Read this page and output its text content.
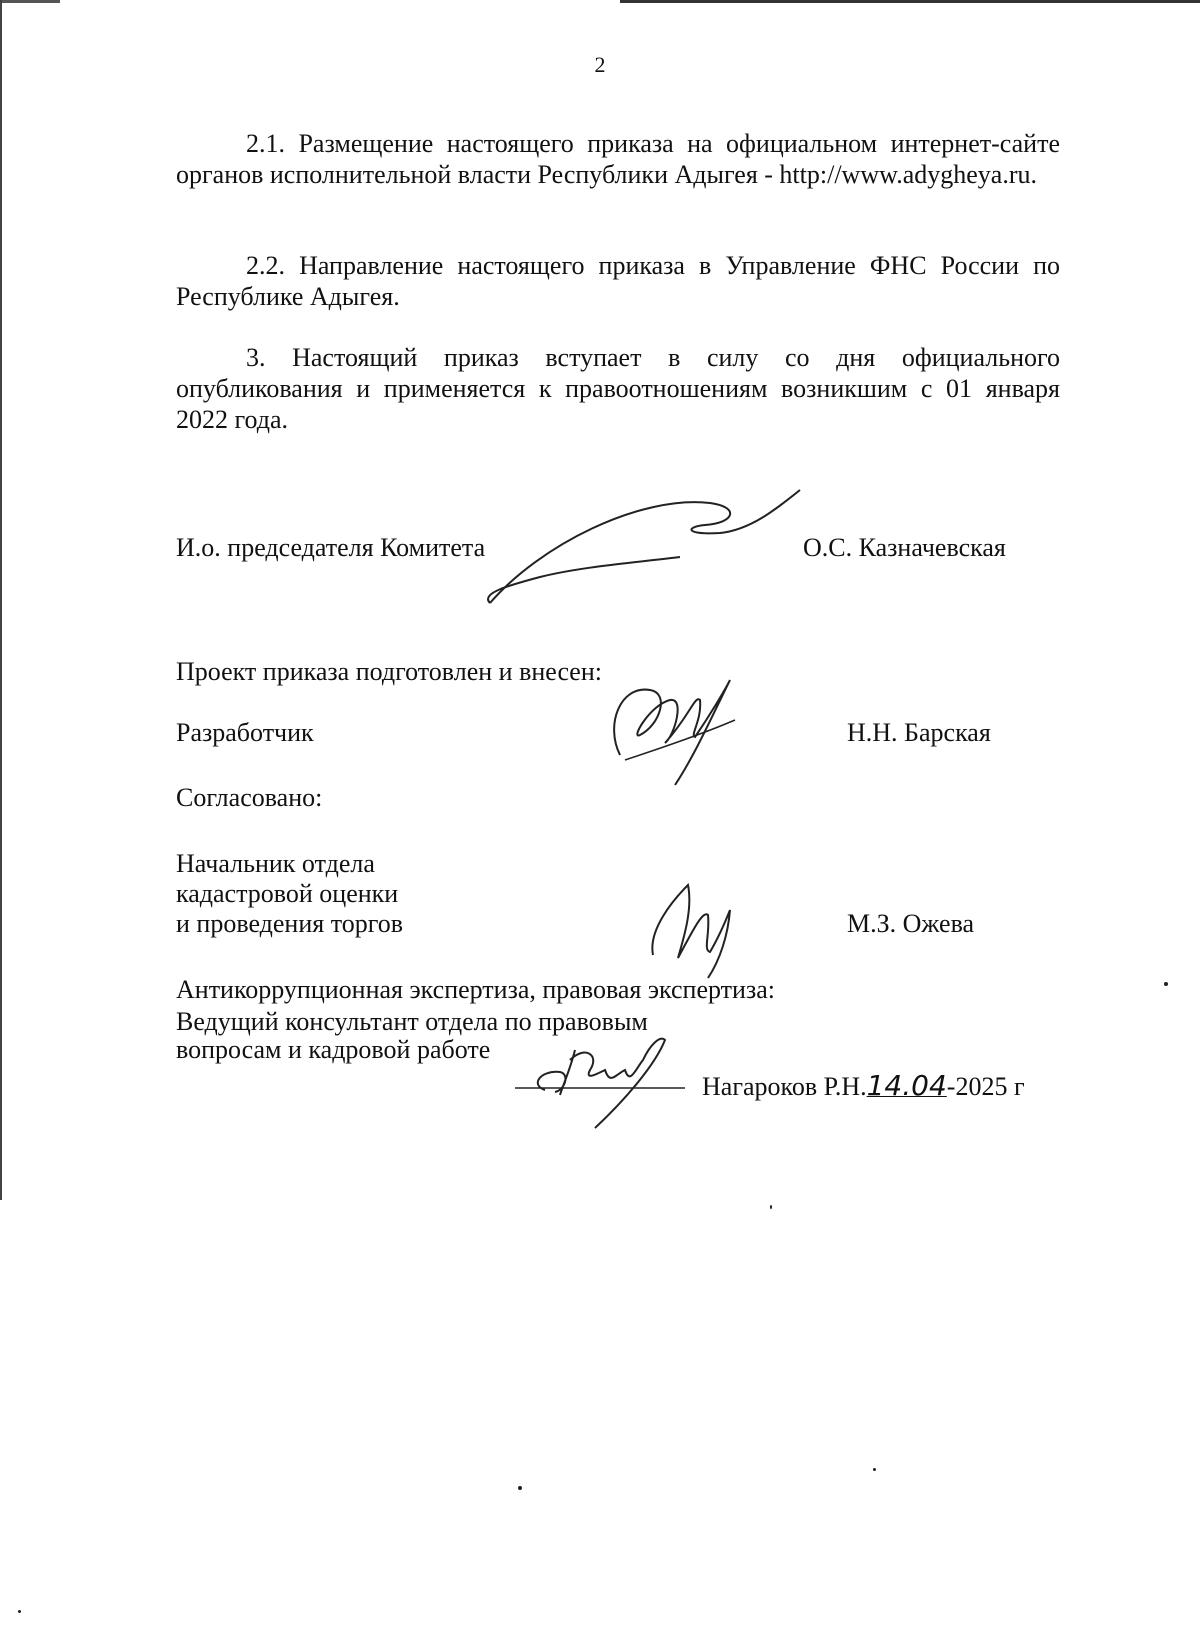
2
2.1. Размещение настоящего приказа на официальном интернет-сайте органов исполнительной власти Республики Адыгея - http://www.adygheya.ru.
2.2. Направление настоящего приказа в Управление ФНС России по Республике Адыгея.
3. Настоящий приказ вступает в силу со дня официального опубликования и применяется к правоотношениям возникшим с 01 января 2022 года.
И.о. председателя Комитета	О.С. Казначевская
Проект приказа подготовлен и внесен:
Разработчик	Н.Н. Барская
Согласовано:
Начальник отдела
кадастровой оценки
и проведения торгов	М.З. Ожева
Антикоррупционная экспертиза, правовая экспертиза:
Ведущий консультант отдела по правовым
вопросам и кадровой работе
Нагароков Р.Н.14.04-2025 г
